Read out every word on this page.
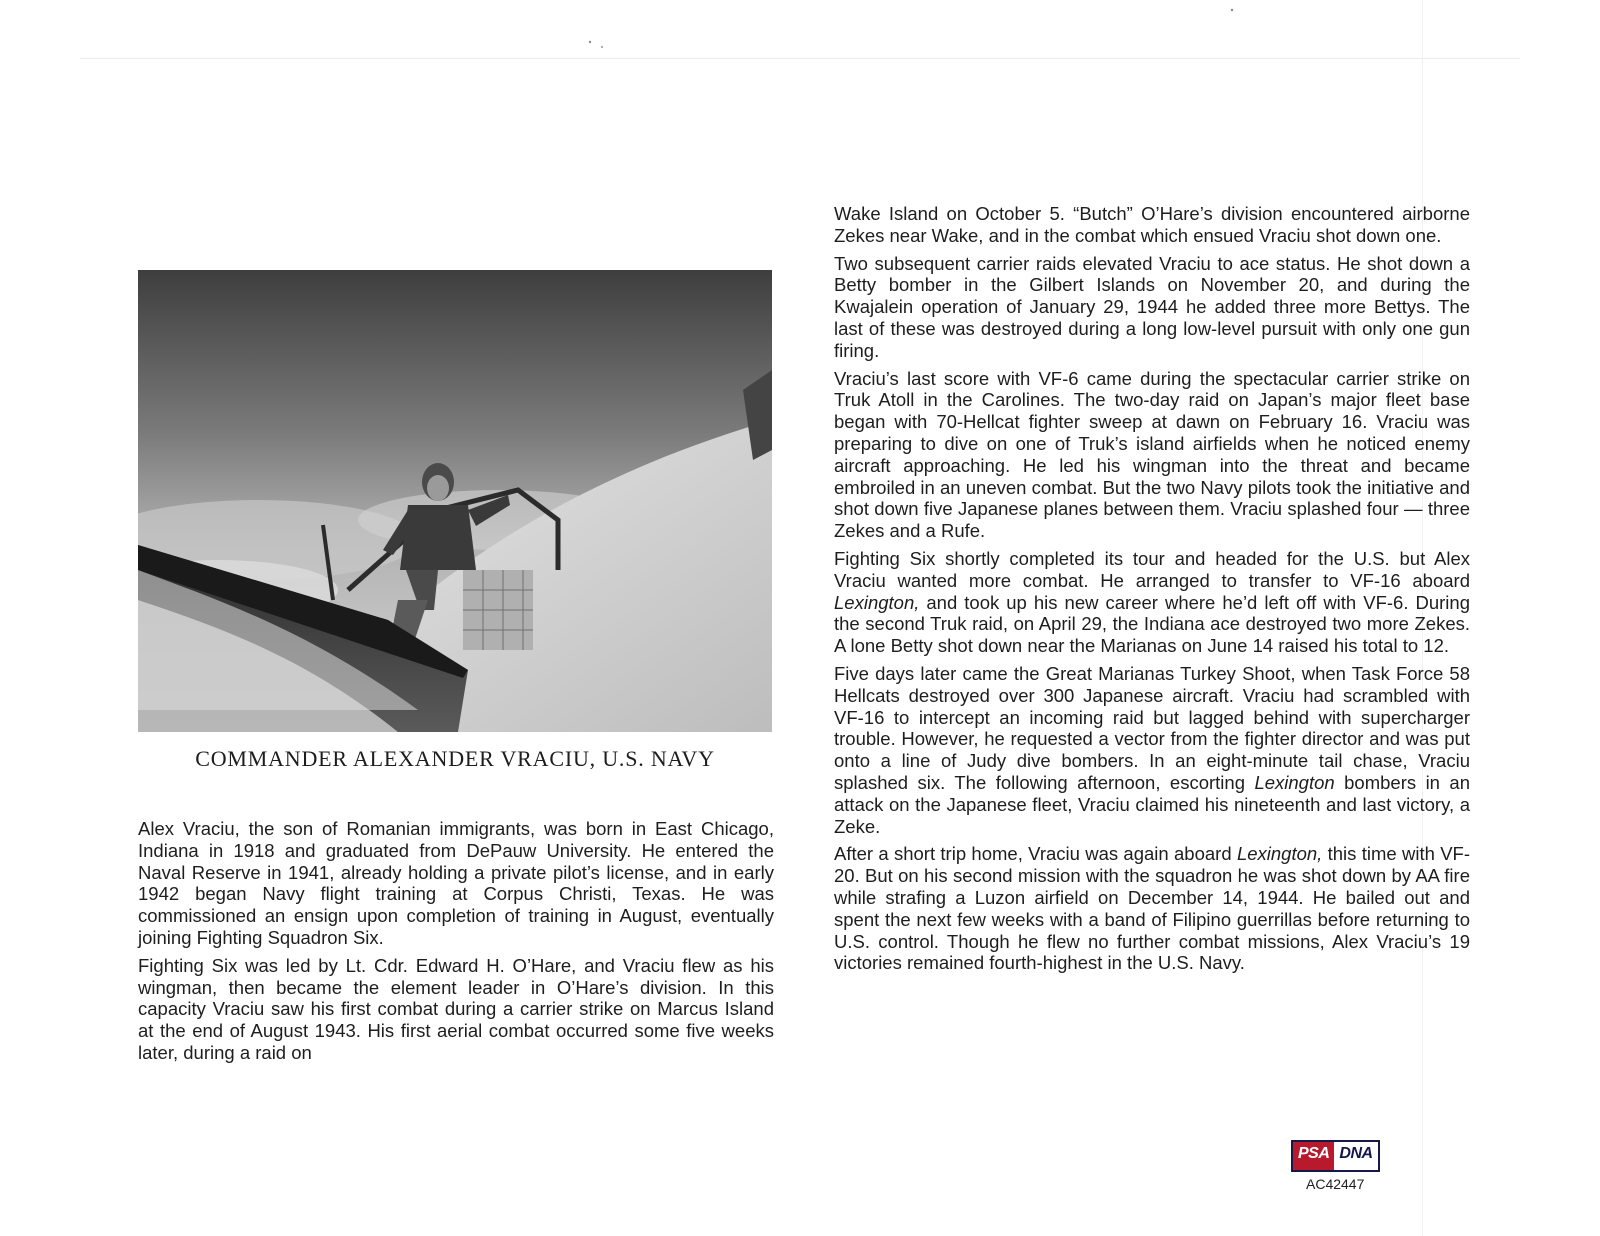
COMMANDER ALEXANDER VRACIU, U.S. NAVY

Alex Vraciu, the son of Romanian immigrants, was born in East Chicago, Indiana in 1918 and graduated from DePauw University. He entered the Naval Reserve in 1941, already holding a private pilot’s license, and in early 1942 began Navy flight training at Corpus Christi, Texas. He was commissioned an ensign upon completion of training in August, eventually joining Fighting Squadron Six.

Fighting Six was led by Lt. Cdr. Edward H. O’Hare, and Vraciu flew as his wingman, then became the element leader in O’Hare’s division. In this capacity Vraciu saw his first combat during a carrier strike on Marcus Island at the end of August 1943. His first aerial combat occurred some five weeks later, during a raid on

Wake Island on October 5. “Butch” O’Hare’s division encountered airborne Zekes near Wake, and in the combat which ensued Vraciu shot down one.

Two subsequent carrier raids elevated Vraciu to ace status. He shot down a Betty bomber in the Gilbert Islands on November 20, and during the Kwajalein operation of January 29, 1944 he added three more Bettys. The last of these was destroyed during a long low-level pursuit with only one gun firing.

Vraciu’s last score with VF-6 came during the spectacular carrier strike on Truk Atoll in the Carolines. The two-day raid on Japan’s major fleet base began with 70-Hellcat fighter sweep at dawn on February 16. Vraciu was preparing to dive on one of Truk’s island airfields when he noticed enemy aircraft approaching. He led his wingman into the threat and became embroiled in an uneven combat. But the two Navy pilots took the initiative and shot down five Japanese planes between them. Vraciu splashed four — three Zekes and a Rufe.

Fighting Six shortly completed its tour and headed for the U.S. but Alex Vraciu wanted more combat. He arranged to transfer to VF-16 aboard Lexington, and took up his new career where he’d left off with VF-6. During the second Truk raid, on April 29, the Indiana ace destroyed two more Zekes. A lone Betty shot down near the Marianas on June 14 raised his total to 12.

Five days later came the Great Marianas Turkey Shoot, when Task Force 58 Hellcats destroyed over 300 Japanese aircraft. Vraciu had scrambled with VF-16 to intercept an incoming raid but lagged behind with supercharger trouble. However, he requested a vector from the fighter director and was put onto a line of Judy dive bombers. In an eight-minute tail chase, Vraciu splashed six. The following afternoon, escorting Lexington bombers in an attack on the Japanese fleet, Vraciu claimed his nineteenth and last victory, a Zeke.

After a short trip home, Vraciu was again aboard Lexington, this time with VF-20. But on his second mission with the squadron he was shot down by AA fire while strafing a Luzon airfield on December 14, 1944. He bailed out and spent the next few weeks with a band of Filipino guerrillas before returning to U.S. control. Though he flew no further combat missions, Alex Vraciu’s 19 victories remained fourth-highest in the U.S. Navy.

PSA DNA
AC42447
